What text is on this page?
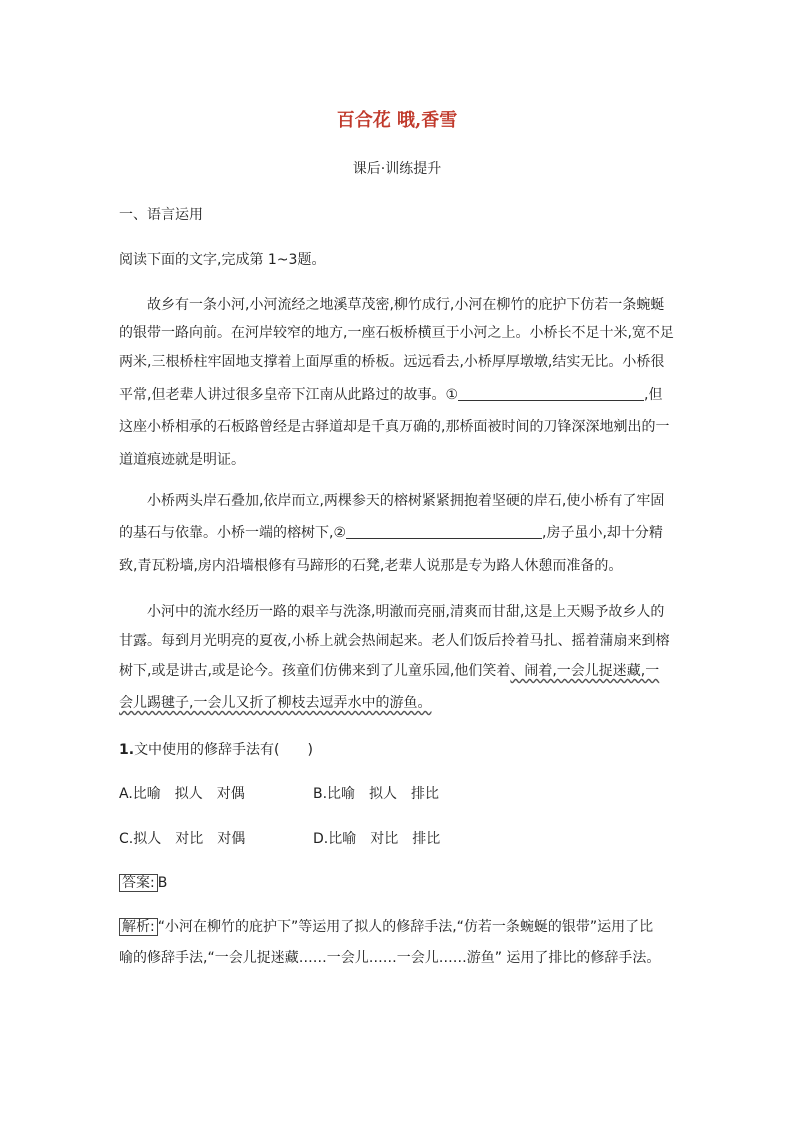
百合花 哦,香雪
课后·训练提升
一、语言运用
阅读下面的文字,完成第 1~3题。
故乡有一条小河,小河流经之地溪草茂密,柳竹成行,小河在柳竹的庇护下仿若一条蜿蜒
的银带一路向前。在河岸较窄的地方,一座石板桥横亘于小河之上。小桥长不足十米,宽不足
两米,三根桥柱牢固地支撑着上面厚重的桥板。远远看去,小桥厚厚墩墩,结实无比。小桥很
平常,但老辈人讲过很多皇帝下江南从此路过的故事。①	,但
这座小桥相承的石板路曾经是古驿道却是千真万确的,那桥面被时间的刀锋深深地剜出的一
道道痕迹就是明证。
小桥两头岸石叠加,依岸而立,两棵参天的榕树紧紧拥抱着坚硬的岸石,使小桥有了牢固
的基石与依靠。小桥一端的榕树下,②	,房子虽小,却十分精
致,青瓦粉墙,房内沿墙根修有马蹄形的石凳,老辈人说那是专为路人休憩而准备的。
小河中的流水经历一路的艰辛与洗涤,明澈而亮丽,清爽而甘甜,这是上天赐予故乡人的
甘露。每到月光明亮的夏夜,小桥上就会热闹起来。老人们饭后拎着马扎、摇着蒲扇来到榕
树下,或是讲古,或是论今。孩童们仿佛来到了儿童乐园,他们笑着、闹着,一会儿捉迷藏,一
会儿踢毽子,一会儿又折了柳枝去逗弄水中的游鱼。
1.文中使用的修辞手法有(　　)
A.比喻　拟人　对偶	B.比喻　拟人　排比
C.拟人　对比　对偶	D.比喻　对比　排比
答案: B
解析: “小河在柳竹的庇护下”等运用了拟人的修辞手法,“仿若一条蜿蜒的银带”运用了比
喻的修辞手法,“一会儿捉迷藏……一会儿……一会儿……游鱼” 运用了排比的修辞手法。
